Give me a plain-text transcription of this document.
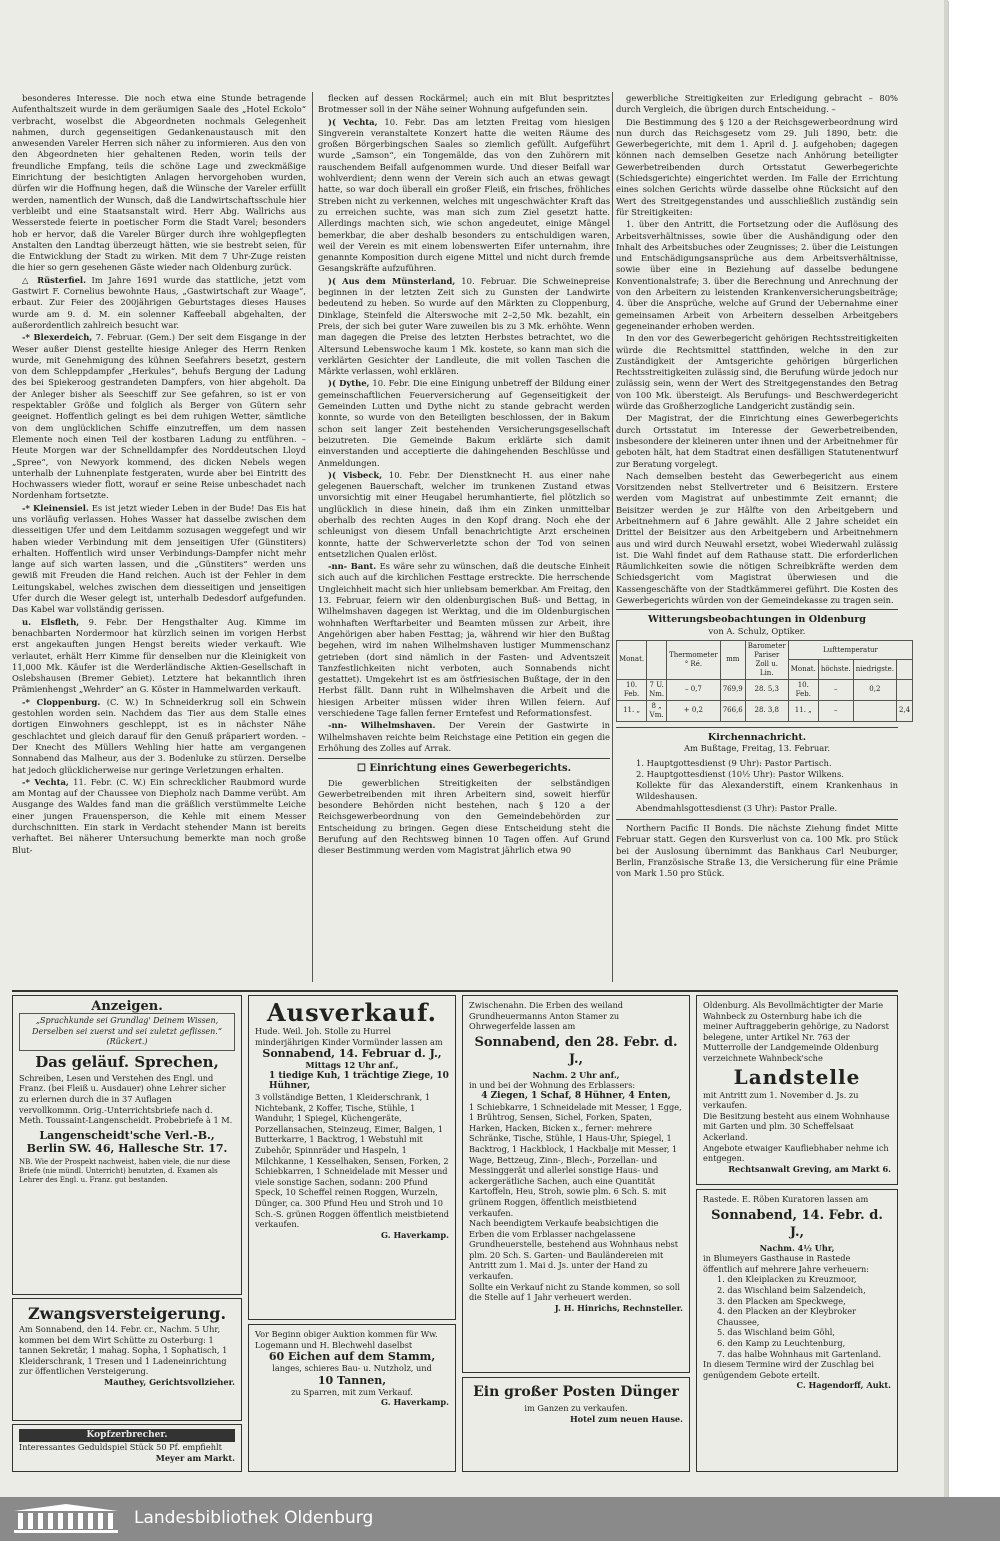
besonderes Interesse. Die noch etwa eine Stunde betragende Aufenthaltszeit wurde in dem geräumigen Saale des „Hotel Eckolo“ verbracht, woselbst die Abgeordneten nochmals Gelegenheit nahmen, durch gegenseitigen Gedankenaustausch mit den anwesenden Vareler Herren sich näher zu informieren. Aus den von den Abgeordneten hier gehaltenen Reden, worin teils der freundliche Empfang, teils die schöne Lage und zweckmäßige Einrichtung der besichtigten Anlagen hervorgehoben wurden, dürfen wir die Hoffnung hegen, daß die Wünsche der Vareler erfüllt werden, namentlich der Wunsch, daß die Landwirtschaftsschule hier verbleibt und eine Staatsanstalt wird. Herr Abg. Wallrichs aus Wesserstede feierte in poetischer Form die Stadt Varel; besonders hob er hervor, daß die Vareler Bürger durch ihre wohlgepflegten Anstalten den Landtag überzeugt hätten, wie sie bestrebt seien, für die Entwicklung der Stadt zu wirken. Mit dem 7 Uhr-Zuge reisten die hier so gern gesehenen Gäste wieder nach Oldenburg zurück.

△ Rüsterfiel. Im Jahre 1691 wurde das stattliche, jetzt vom Gastwirt F. Cornelius bewohnte Haus, „Gastwirtschaft zur Waage“, erbaut. Zur Feier des 200jährigen Geburtstages dieses Hauses wurde am 9. d. M. ein solenner Kaffeeball abgehalten, der außerordentlich zahlreich besucht war.

-* Blexerdeich, 7. Februar. (Gem.) Der seit dem Eisgange in der Weser außer Dienst gestellte hiesige Anleger des Herrn Renken wurde, mit Genehmigung des kühnen Seefahrers besetzt, gestern von dem Schleppdampfer „Herkules“, behufs Bergung der Ladung des bei Spiekeroog gestrandeten Dampfers, von hier abgeholt. Da der Anleger bisher als Seeschiff zur See gefahren, so ist er von respektabler Größe und folglich als Berger von Gütern sehr geeignet. Hoffentlich gelingt es bei dem ruhigen Wetter, sämtliche von dem unglücklichen Schiffe einzutreffen, um dem nassen Elemente noch einen Teil der kostbaren Ladung zu entführen. – Heute Morgen war der Schnelldampfer des Norddeutschen Lloyd „Spree“, von Newyork kommend, des dicken Nebels wegen unterhalb der Luhnenplate festgeraten, wurde aber bei Eintritt des Hochwassers wieder flott, worauf er seine Reise unbeschadet nach Nordenham fortsetzte.

-* Kleinensiel. Es ist jetzt wieder Leben in der Bude! Das Eis hat uns vorläufig verlassen. Hohes Wasser hat dasselbe zwischen dem diesseitigen Ufer und dem Leitdamm sozusagen weggefegt und wir haben wieder Verbindung mit dem jenseitigen Ufer (Günstiters) erhalten. Hoffentlich wird unser Verbindungs-Dampfer nicht mehr lange auf sich warten lassen, und die „Günstiters“ werden uns gewiß mit Freuden die Hand reichen. Auch ist der Fehler in dem Leitungskabel, welches zwischen dem diesseitigen und jenseitigen Ufer durch die Weser gelegt ist, unterhalb Dedesdorf aufgefunden. Das Kabel war vollständig gerissen.

u. Elsfleth, 9. Febr. Der Hengsthalter Aug. Kimme im benachbarten Nordermoor hat kürzlich seinen im vorigen Herbst erst angekauften jungen Hengst bereits wieder verkauft. Wie verlautet, erhält Herr Kimme für denselben nur die Kleinigkeit von 11,000 Mk. Käufer ist die Werderländische Aktien-Gesellschaft in Oslebshausen (Bremer Gebiet). Letztere hat bekanntlich ihren Prämienhengst „Wehrder“ an G. Köster in Hammelwarden verkauft.

-* Cloppenburg. (C. W.) In Schneiderkrug soll ein Schwein gestohlen worden sein. Nachdem das Tier aus dem Stalle eines dortigen Einwohners geschleppt, ist es in nächster Nähe geschlachtet und gleich darauf für den Genuß präpariert worden. – Der Knecht des Müllers Wehling hier hatte am vergangenen Sonnabend das Malheur, aus der 3. Bodenluke zu stürzen. Derselbe hat jedoch glücklicherweise nur geringe Verletzungen erhalten.

-* Vechta, 11. Febr. (C. W.) Ein schrecklicher Raubmord wurde am Montag auf der Chaussee von Diepholz nach Damme verübt. Am Ausgange des Waldes fand man die gräßlich verstümmelte Leiche einer jungen Frauensperson, die Kehle mit einem Messer durchschnitten. Ein stark in Verdacht stehender Mann ist bereits verhaftet. Bei näherer Untersuchung bemerkte man noch große Blut-

flecken auf dessen Rockärmel; auch ein mit Blut bespritztes Brotmesser soll in der Nähe seiner Wohnung aufgefunden sein.

)( Vechta, 10. Febr. Das am letzten Freitag vom hiesigen Singverein veranstaltete Konzert hatte die weiten Räume des großen Börgerbingschen Saales so ziemlich gefüllt. Aufgeführt wurde „Samson“, ein Tongemälde, das von den Zuhörern mit rauschendem Beifall aufgenommen wurde. Und dieser Beifall war wohlverdient; denn wenn der Verein sich auch an etwas gewagt hatte, so war doch überall ein großer Fleiß, ein frisches, fröhliches Streben nicht zu verkennen, welches mit ungeschwächter Kraft das zu erreichen suchte, was man sich zum Ziel gesetzt hatte. Allerdings machten sich, wie schon angedeutet, einige Mängel bemerkbar, die aber deshalb besonders zu entschuldigen waren, weil der Verein es mit einem lobenswerten Eifer unternahm, ihre genannte Komposition durch eigene Mittel und nicht durch fremde Gesangskräfte aufzuführen.

)( Aus dem Münsterland, 10. Februar. Die Schweinepreise beginnen in der letzten Zeit sich zu Gunsten der Landwirte bedeutend zu heben. So wurde auf den Märkten zu Cloppenburg, Dinklage, Steinfeld die Alterswoche mit 2–2,50 Mk. bezahlt, ein Preis, der sich bei guter Ware zuweilen bis zu 3 Mk. erhöhte. Wenn man dagegen die Preise des letzten Herbstes betrachtet, wo die Altersund Lebenswoche kaum 1 Mk. kostete, so kann man sich die verklärten Gesichter der Landleute, die mit vollen Taschen die Märkte verlassen, wohl erklären.

)( Dythe, 10. Febr. Die eine Einigung unbetreff der Bildung einer gemeinschaftlichen Feuerversicherung auf Gegenseitigkeit der Gemeinden Lutten und Dythe nicht zu stande gebracht werden konnte, so wurde von den Beteiligten beschlossen, der in Bakum schon seit langer Zeit bestehenden Versicherungsgesellschaft beizutreten. Die Gemeinde Bakum erklärte sich damit einverstanden und acceptierte die dahingehenden Beschlüsse und Anmeldungen.

)( Visbeck, 10. Febr. Der Dienstknecht H. aus einer nahe gelegenen Bauerschaft, welcher im trunkenen Zustand etwas unvorsichtig mit einer Heugabel herumhantierte, fiel plötzlich so unglücklich in diese hinein, daß ihm ein Zinken unmittelbar oberhalb des rechten Auges in den Kopf drang. Noch ehe der schleunigst von diesem Unfall benachrichtigte Arzt erscheinen konnte, hatte der Schwerverletzte schon der Tod von seinen entsetzlichen Qualen erlöst.

-nn- Bant. Es wäre sehr zu wünschen, daß die deutsche Einheit sich auch auf die kirchlichen Festtage erstreckte. Die herrschende Ungleichheit macht sich hier unliebsam bemerkbar. Am Freitag, den 13. Februar, feiern wir den oldenburgischen Buß- und Bettag, in Wilhelmshaven dagegen ist Werktag, und die im Oldenburgischen wohnhaften Werftarbeiter und Beamten müssen zur Arbeit, ihre Angehörigen aber haben Festtag; ja, während wir hier den Bußtag begehen, wird im nahen Wilhelmshaven lustiger Mummenschanz getrieben (dort sind nämlich in der Fasten- und Adventszeit Tanzfestlichkeiten nicht verboten, auch Sonnabends nicht gestattet). Umgekehrt ist es am östfriesischen Bußtage, der in den Herbst fällt. Dann ruht in Wilhelmshaven die Arbeit und die hiesigen Arbeiter müssen wider ihren Willen feiern. Auf verschiedene Tage fallen ferner Erntefest und Reformationsfest.

-nn- Wilhelmshaven. Der Verein der Gastwirte in Wilhelmshaven reichte beim Reichstage eine Petition ein gegen die Erhöhung des Zolles auf Arrak.

☐ Einrichtung eines Gewerbegerichts.

Die gewerblichen Streitigkeiten der selbständigen Gewerbetreibenden mit ihren Arbeitern sind, soweit hierfür besondere Behörden nicht bestehen, nach § 120 a der Reichsgewerbeordnung von den Gemeindebehörden zur Entscheidung zu bringen. Gegen diese Entscheidung steht die Berufung auf den Rechtsweg binnen 10 Tagen offen. Auf Grund dieser Bestimmung werden vom Magistrat jährlich etwa 90

gewerbliche Streitigkeiten zur Erledigung gebracht – 80% durch Vergleich, die übrigen durch Entscheidung. –

Die Bestimmung des § 120 a der Reichsgewerbeordnung wird nun durch das Reichsgesetz vom 29. Juli 1890, betr. die Gewerbegerichte, mit dem 1. April d. J. aufgehoben; dagegen können nach demselben Gesetze nach Anhörung beteiligter Gewerbetreibenden durch Ortsstatut Gewerbegerichte (Schiedsgerichte) eingerichtet werden. Im Falle der Errichtung eines solchen Gerichts würde dasselbe ohne Rücksicht auf den Wert des Streitgegenstandes und ausschließlich zuständig sein für Streitigkeiten:

1. über den Antritt, die Fortsetzung oder die Auflösung des Arbeitsverhältnisses, sowie über die Aushändigung oder den Inhalt des Arbeitsbuches oder Zeugnisses; 2. über die Leistungen und Entschädigungsansprüche aus dem Arbeitsverhältnisse, sowie über eine in Beziehung auf dasselbe bedungene Konventionalstrafe; 3. über die Berechnung und Anrechnung der von den Arbeitern zu leistenden Krankenversicherungsbeiträge; 4. über die Ansprüche, welche auf Grund der Uebernahme einer gemeinsamen Arbeit von Arbeitern desselben Arbeitgebers gegeneinander erhoben werden.

In den vor des Gewerbegericht gehörigen Rechtsstreitigkeiten würde die Rechtsmittel stattfinden, welche in den zur Zuständigkeit der Amtsgerichte gehörigen bürgerlichen Rechtsstreitigkeiten zulässig sind, die Berufung würde jedoch nur zulässig sein, wenn der Wert des Streitgegenstandes den Betrag von 100 Mk. übersteigt. Als Berufungs- und Beschwerdegericht würde das Großherzogliche Landgericht zuständig sein.

Der Magistrat, der die Einrichtung eines Gewerbegerichts durch Ortsstatut im Interesse der Gewerbetreibenden, insbesondere der kleineren unter ihnen und der Arbeitnehmer für geboten hält, hat dem Stadtrat einen desfälligen Statutenentwurf zur Beratung vorgelegt.

Nach demselben besteht das Gewerbegericht aus einem Vorsitzenden nebst Stellvertreter und 6 Beisitzern. Erstere werden vom Magistrat auf unbestimmte Zeit ernannt; die Beisitzer werden je zur Hälfte von den Arbeitgebern und Arbeitnehmern auf 6 Jahre gewählt. Alle 2 Jahre scheidet ein Drittel der Beisitzer aus den Arbeitgebern und Arbeitnehmern aus und wird durch Neuwahl ersetzt, wobei Wiederwahl zulässig ist. Die Wahl findet auf dem Rathause statt. Die erforderlichen Räumlichkeiten sowie die nötigen Schreibkräfte werden dem Schiedsgericht vom Magistrat überwiesen und die Kassengeschäfte von der Stadtkämmerei geführt. Die Kosten des Gewerbegerichts würden von der Gemeindekasse zu tragen sein.

Witterungsbeobachtungen in Oldenburg
von A. Schulz, Optiker.
Monat.		Thermometer ° Ré.	mm	Barometer Pariser Zoll u. Lin.	Lufttemperatur			
					Monat.	höchste.	niedrigste.	
10. Feb.	7 U. Nm.	– 0,7	769,9	28. 5,3	10. Feb.	–	0,2	
11. „	8 „ Vm.	+ 0,2	766,6	28. 3,8	11. „	–		2,4
Kirchennachricht.
Am Bußtage, Freitag, 13. Februar.
1. Hauptgottesdienst (9 Uhr): Pastor Partisch.
2. Hauptgottesdienst (10½ Uhr): Pastor Wilkens.
Kollekte für das Alexanderstift, einem Krankenhaus in Wildeshausen.
Abendmahlsgottesdienst (3 Uhr): Pastor Pralle.

Northern Pacific II Bonds. Die nächste Ziehung findet Mitte Februar statt. Gegen den Kursverlust von ca. 100 Mk. pro Stück bei der Auslosung übernimmt das Bankhaus Carl Neuburger, Berlin, Französische Straße 13, die Versicherung für eine Prämie von Mark 1.50 pro Stück.

Anzeigen.
„Sprachkunde sei Grundlag' Deinem Wissen, Derselben sei zuerst und sei zuletzt geflissen.“ (Rückert.)
Das geläuf. Sprechen,

Schreiben, Lesen und Verstehen des Engl. und Franz. (bei Fleiß u. Ausdauer) ohne Lehrer sicher zu erlernen durch die in 37 Auflagen vervollkommn. Orig.-Unterrichtsbriefe nach d. Meth. Toussaint-Langenscheidt. Probebriefe à 1 M.

Langenscheidt'sche Verl.-B.,
Berlin SW. 46, Hallesche Str. 17.

NB. Wie der Prospekt nachweist, haben viele, die nur diese Briefe (nie mündl. Unterricht) benutzten, d. Examen als Lehrer des Engl. u. Franz. gut bestanden.

Zwangsversteigerung.

Am Sonnabend, den 14. Febr. cr., Nachm. 5 Uhr, kommen bei dem Wirt Schütte zu Osterburg: 1 tannen Sekretär, 1 mahag. Sopha, 1 Sophatisch, 1 Kleiderschrank, 1 Tresen und 1 Ladeneinrichtung zur öffentlichen Versteigerung.

Mauthey, Gerichtsvollzieher.

Kopfzerbrecher.

Interessantes Geduldspiel Stück 50 Pf. empfiehlt

Meyer am Markt.

Ausverkauf.

Hude. Weil. Joh. Stolle zu Hurrel minderjährigen Kinder Vormünder lassen am

Sonnabend, 14. Februar d. J.,
Mittags 12 Uhr anf.,

1 tiedige Kuh, 1 trächtige Ziege, 10 Hühner,

3 vollständige Betten, 1 Kleiderschrank, 1 Nichtebank, 2 Koffer, Tische, Stühle, 1 Wanduhr, 1 Spiegel, Küchengeräte, Porzellansachen, Steinzeug, Eimer, Balgen, 1 Butterkarre, 1 Backtrog, 1 Webstuhl mit Zubehör, Spinnräder und Haspeln, 1 Milchkanne, 1 Kesselhaken, Sensen, Forken, 2 Schiebkarren, 1 Schneidelade mit Messer und viele sonstige Sachen, sodann: 200 Pfund Speck, 10 Scheffel reinen Roggen, Wurzeln, Dünger, ca. 300 Pfund Heu und Stroh und 10 Sch.-S. grünen Roggen öffentlich meistbietend verkaufen.

G. Haverkamp.

Vor Beginn obiger Auktion kommen für Ww. Logemann und H. Blechwehl daselbst

60 Eichen auf dem Stamm,

langes, schieres Bau- u. Nutzholz, und

10 Tannen,

zu Sparren, mit zum Verkauf.

G. Haverkamp.

Zwischenahn. Die Erben des weiland Grundheuermanns Anton Stamer zu Ohrwegerfelde lassen am

Sonnabend, den 28. Febr. d. J.,
Nachm. 2 Uhr anf.,

in und bei der Wohnung des Erblassers:

4 Ziegen, 1 Schaf, 8 Hühner, 4 Enten,

1 Schiebkarre, 1 Schneidelade mit Messer, 1 Egge, 1 Brühtrog, Sensen, Sichel, Forken, Spaten, Harken, Hacken, Bicken x., ferner: mehrere Schränke, Tische, Stühle, 1 Haus-Uhr, Spiegel, 1 Backtrog, 1 Hackblock, 1 Hackbalje mit Messer, 1 Wage, Bettzeug, Zinn-, Blech-, Porzellan- und Messinggerät und allerlei sonstige Haus- und ackergerätliche Sachen, auch eine Quantität Kartoffeln, Heu, Stroh, sowie plm. 6 Sch. S. mit grünem Roggen, öffentlich meistbietend verkaufen.

Nach beendigtem Verkaufe beabsichtigen die Erben die vom Erblasser nachgelassene Grundheuerstelle, bestehend aus Wohnhaus nebst plm. 20 Sch. S. Garten- und Bauländereien mit Antritt zum 1. Mai d. Js. unter der Hand zu verkaufen.

Sollte ein Verkauf nicht zu Stande kommen, so soll die Stelle auf 1 Jahr verheuert werden.

J. H. Hinrichs, Rechnsteller.

Ein großer Posten Dünger

im Ganzen zu verkaufen.

Hotel zum neuen Hause.

Oldenburg. Als Bevollmächtigter der Marie Wahnbeck zu Osternburg habe ich die meiner Auftraggeberin gehörige, zu Nadorst belegene, unter Artikel Nr. 763 der Mutterrolle der Landgemeinde Oldenburg verzeichnete Wahnbeck'sche

Landstelle

mit Antritt zum 1. November d. Js. zu verkaufen.

Die Besitzung besteht aus einem Wohnhause mit Garten und plm. 30 Scheffelsaat Ackerland.

Angebote etwaiger Kaufliebhaber nehme ich entgegen.

Rechtsanwalt Greving, am Markt 6.

Rastede. E. Röben Kuratoren lassen am

Sonnabend, 14. Febr. d. J.,
Nachm. 4½ Uhr,

in Blumeyers Gasthause in Rastede öffentlich auf mehrere Jahre verheuern:

1. den Kleiplacken zu Kreuzmoor,
2. das Wischland beim Salzendeich,
3. den Placken am Speckwege,
4. den Placken an der Kleybroker Chaussee,
5. das Wischland beim Göhl,
6. den Kamp zu Leuchtenburg,
7. das halbe Wohnhaus mit Gartenland.

In diesem Termine wird der Zuschlag bei genügendem Gebote erteilt.

C. Hagendorff, Aukt.

Landesbibliothek Oldenburg
